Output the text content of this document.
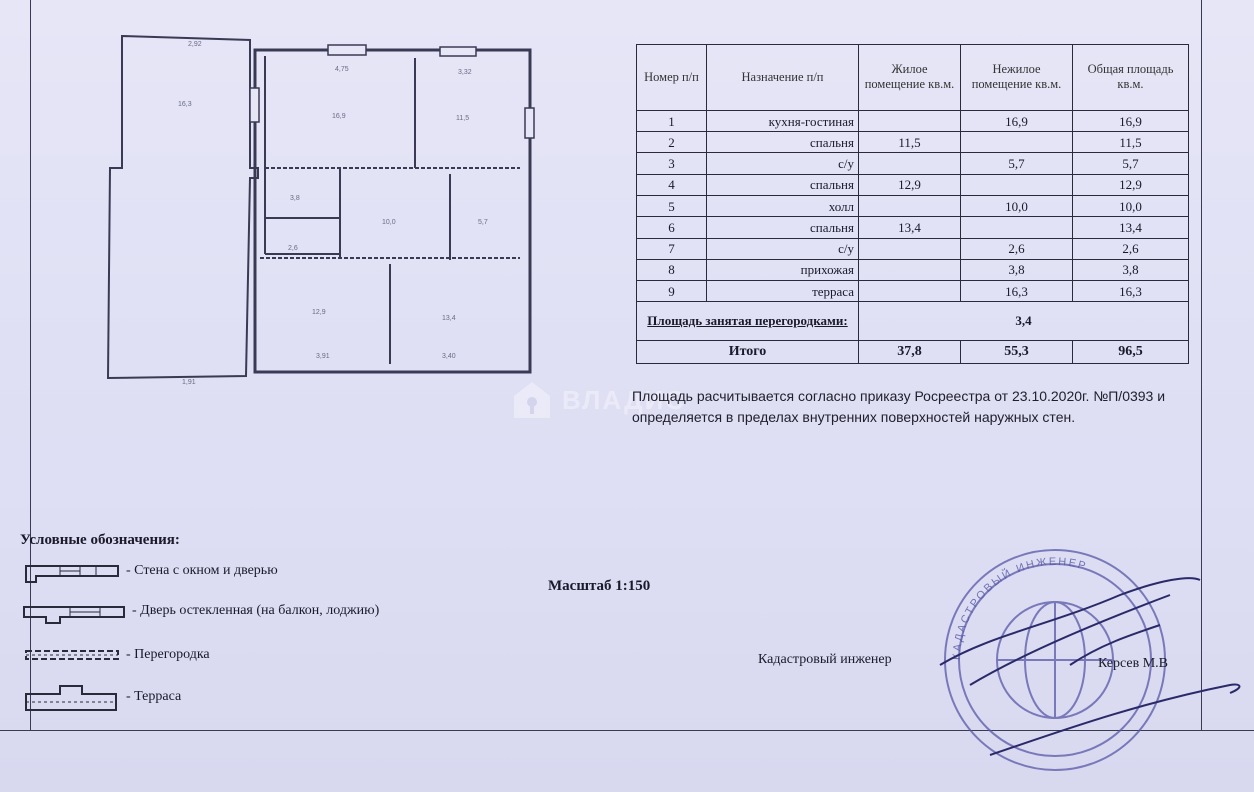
2,92
4,75	3,32
1,91
3,91	3,40
16,3
16,9	11,5
3,8
10,0	5,7
2,6
12,9
13,4
Номер п/п	Назначение п/п	Жилое помещение кв.м.	Нежилое помещение кв.м.	Общая площадь кв.м.
1	кухня-гостиная		16,9	16,9
2	спальня	11,5		11,5
3	с/у		5,7	5,7
4	спальня	12,9		12,9
5	холл		10,0	10,0
6	спальня	13,4		13,4
7	с/у		2,6	2,6
8	прихожая		3,8	3,8
9	терраса		16,3	16,3
Площадь занятая перегородками:		3,4		
Итого		37,8	55,3	96,5
ВЛАДИС
Площадь расчитывается согласно приказу Росреестра от 23.10.2020г. №П/0393 и определяется в пределах внутренних поверхностей наружных стен.
Условные обозначения:
- Стена с окном и дверью
- Дверь остекленная (на балкон, лоджию)
- Перегородка
- Терраса
Масштаб 1:150
КАДАСТРОВЫЙ ИНЖЕНЕР
Кадастровый инженер	Керсев М.В
